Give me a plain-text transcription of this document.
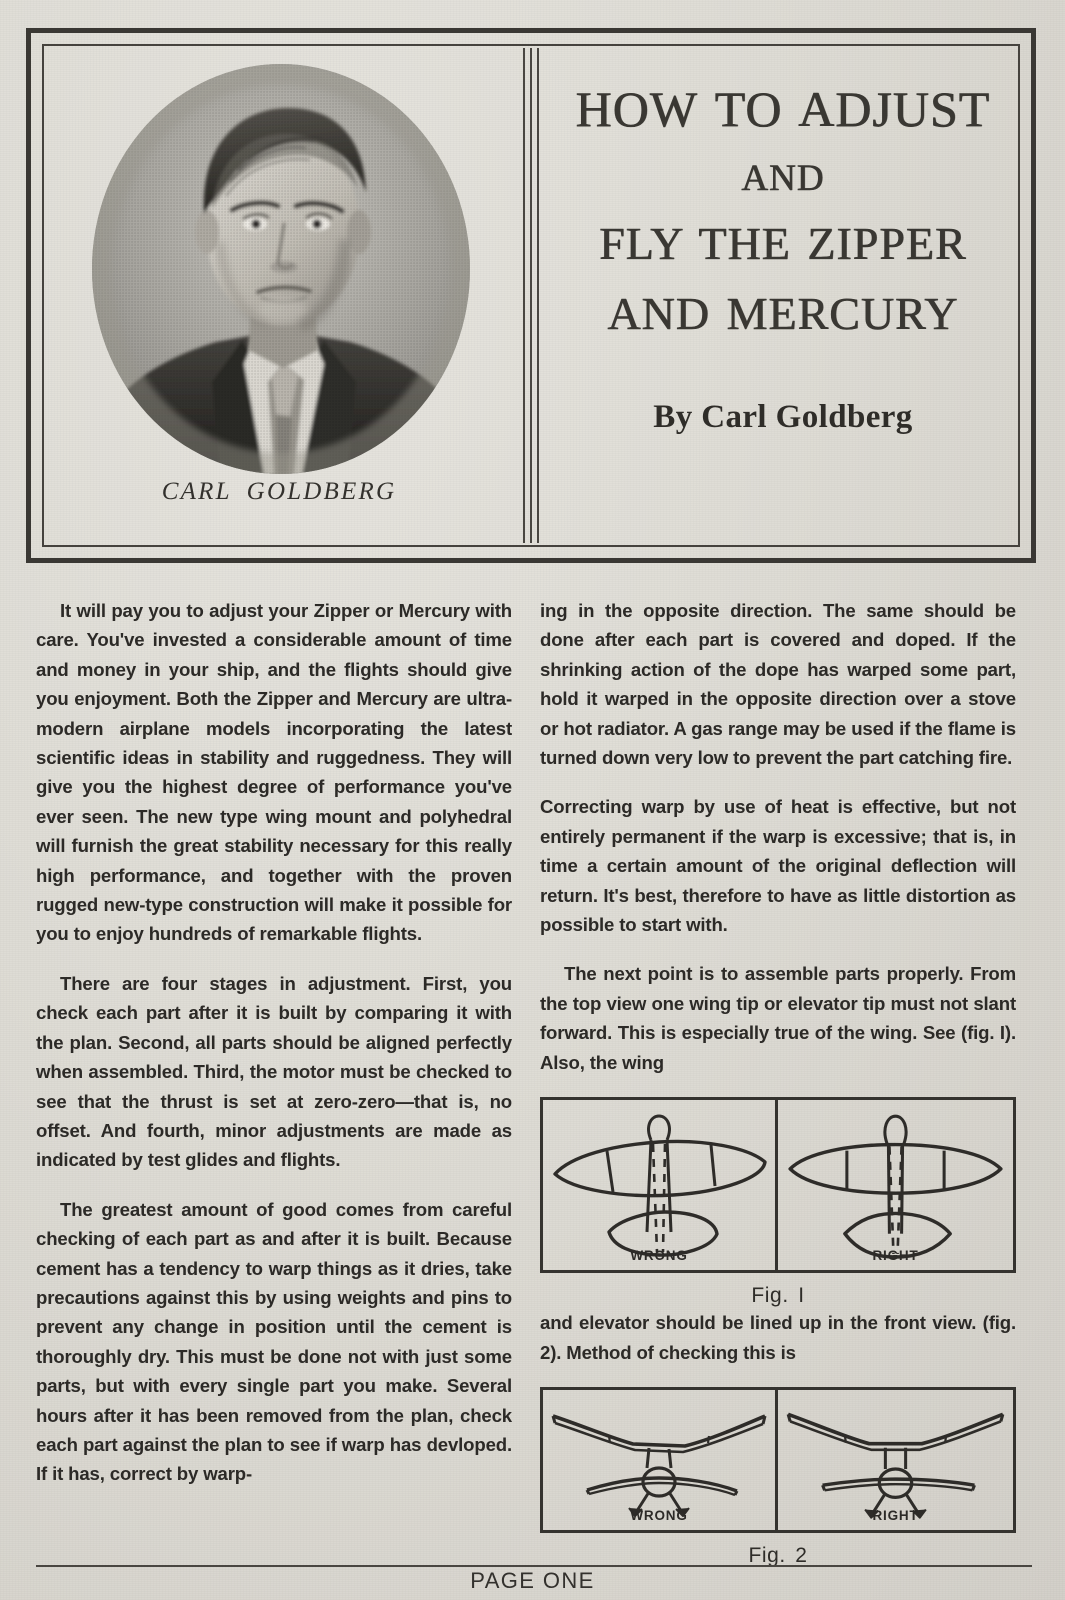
CARL GOLDBERG
HOW TO ADJUST
AND
FLY THE ZIPPER
AND MERCURY
By Carl Goldberg

It will pay you to adjust your Zipper or Mercury with care. You've invested a considerable amount of time and money in your ship, and the flights should give you enjoyment. Both the Zipper and Mercury are ultra-modern airplane models incorporating the latest scientific ideas in stability and ruggedness. They will give you the highest degree of performance you've ever seen. The new type wing mount and polyhedral will furnish the great stability necessary for this really high performance, and together with the proven rugged new-type construction will make it possible for you to enjoy hundreds of remarkable flights.

There are four stages in adjustment. First, you check each part after it is built by comparing it with the plan. Second, all parts should be aligned perfectly when assembled. Third, the motor must be checked to see that the thrust is set at zero-zero—that is, no offset. And fourth, minor adjustments are made as indicated by test glides and flights.

The greatest amount of good comes from careful checking of each part as and after it is built. Because cement has a tendency to warp things as it dries, take precautions against this by using weights and pins to prevent any change in position until the cement is thoroughly dry. This must be done not with just some parts, but with every single part you make. Several hours after it has been removed from the plan, check each part against the plan to see if warp has devloped. If it has, correct by warp-

ing in the opposite direction. The same should be done after each part is covered and doped. If the shrinking action of the dope has warped some part, hold it warped in the opposite direction over a stove or hot radiator. A gas range may be used if the flame is turned down very low to prevent the part catching fire.

Correcting warp by use of heat is effective, but not entirely permanent if the warp is excessive; that is, in time a certain amount of the original deflection will return. It's best, therefore to have as little distortion as possible to start with.

The next point is to assemble parts properly. From the top view one wing tip or elevator tip must not slant forward. This is especially true of the wing. See (fig. I). Also, the wing

WRONG	RIGHT
Fig. I

and elevator should be lined up in the front view. (fig. 2). Method of checking this is

WRONG	RIGHT
Fig. 2
PAGE ONE
